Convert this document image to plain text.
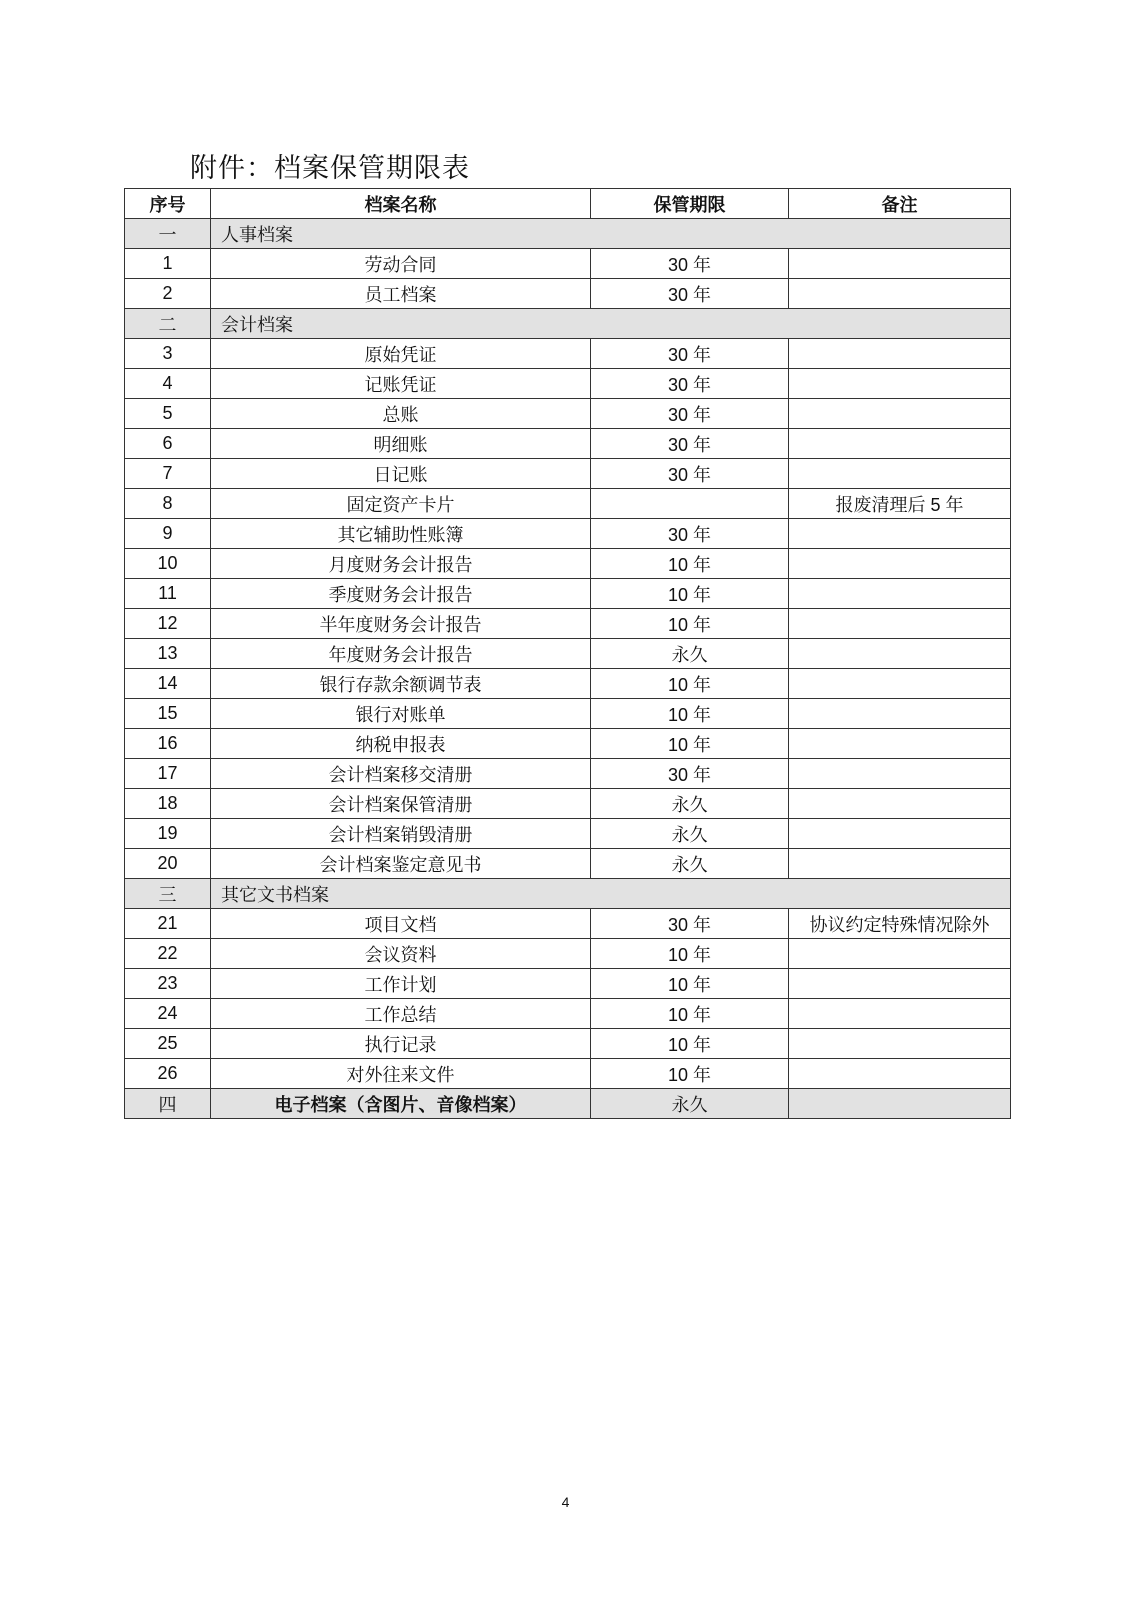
附件：档案保管期限表
序号	档案名称	保管期限	备注
一	人事档案		
1	劳动合同	30 年	
2	员工档案	30 年	
二	会计档案		
3	原始凭证	30 年	
4	记账凭证	30 年	
5	总账	30 年	
6	明细账	30 年	
7	日记账	30 年	
8	固定资产卡片		报废清理后 5 年
9	其它辅助性账簿	30 年	
10	月度财务会计报告	10 年	
11	季度财务会计报告	10 年	
12	半年度财务会计报告	10 年	
13	年度财务会计报告	永久	
14	银行存款余额调节表	10 年	
15	银行对账单	10 年	
16	纳税申报表	10 年	
17	会计档案移交清册	30 年	
18	会计档案保管清册	永久	
19	会计档案销毁清册	永久	
20	会计档案鉴定意见书	永久	
三	其它文书档案		
21	项目文档	30 年	协议约定特殊情况除外
22	会议资料	10 年	
23	工作计划	10 年	
24	工作总结	10 年	
25	执行记录	10 年	
26	对外往来文件	10 年	
四	电子档案（含图片、音像档案）	永久	
4
